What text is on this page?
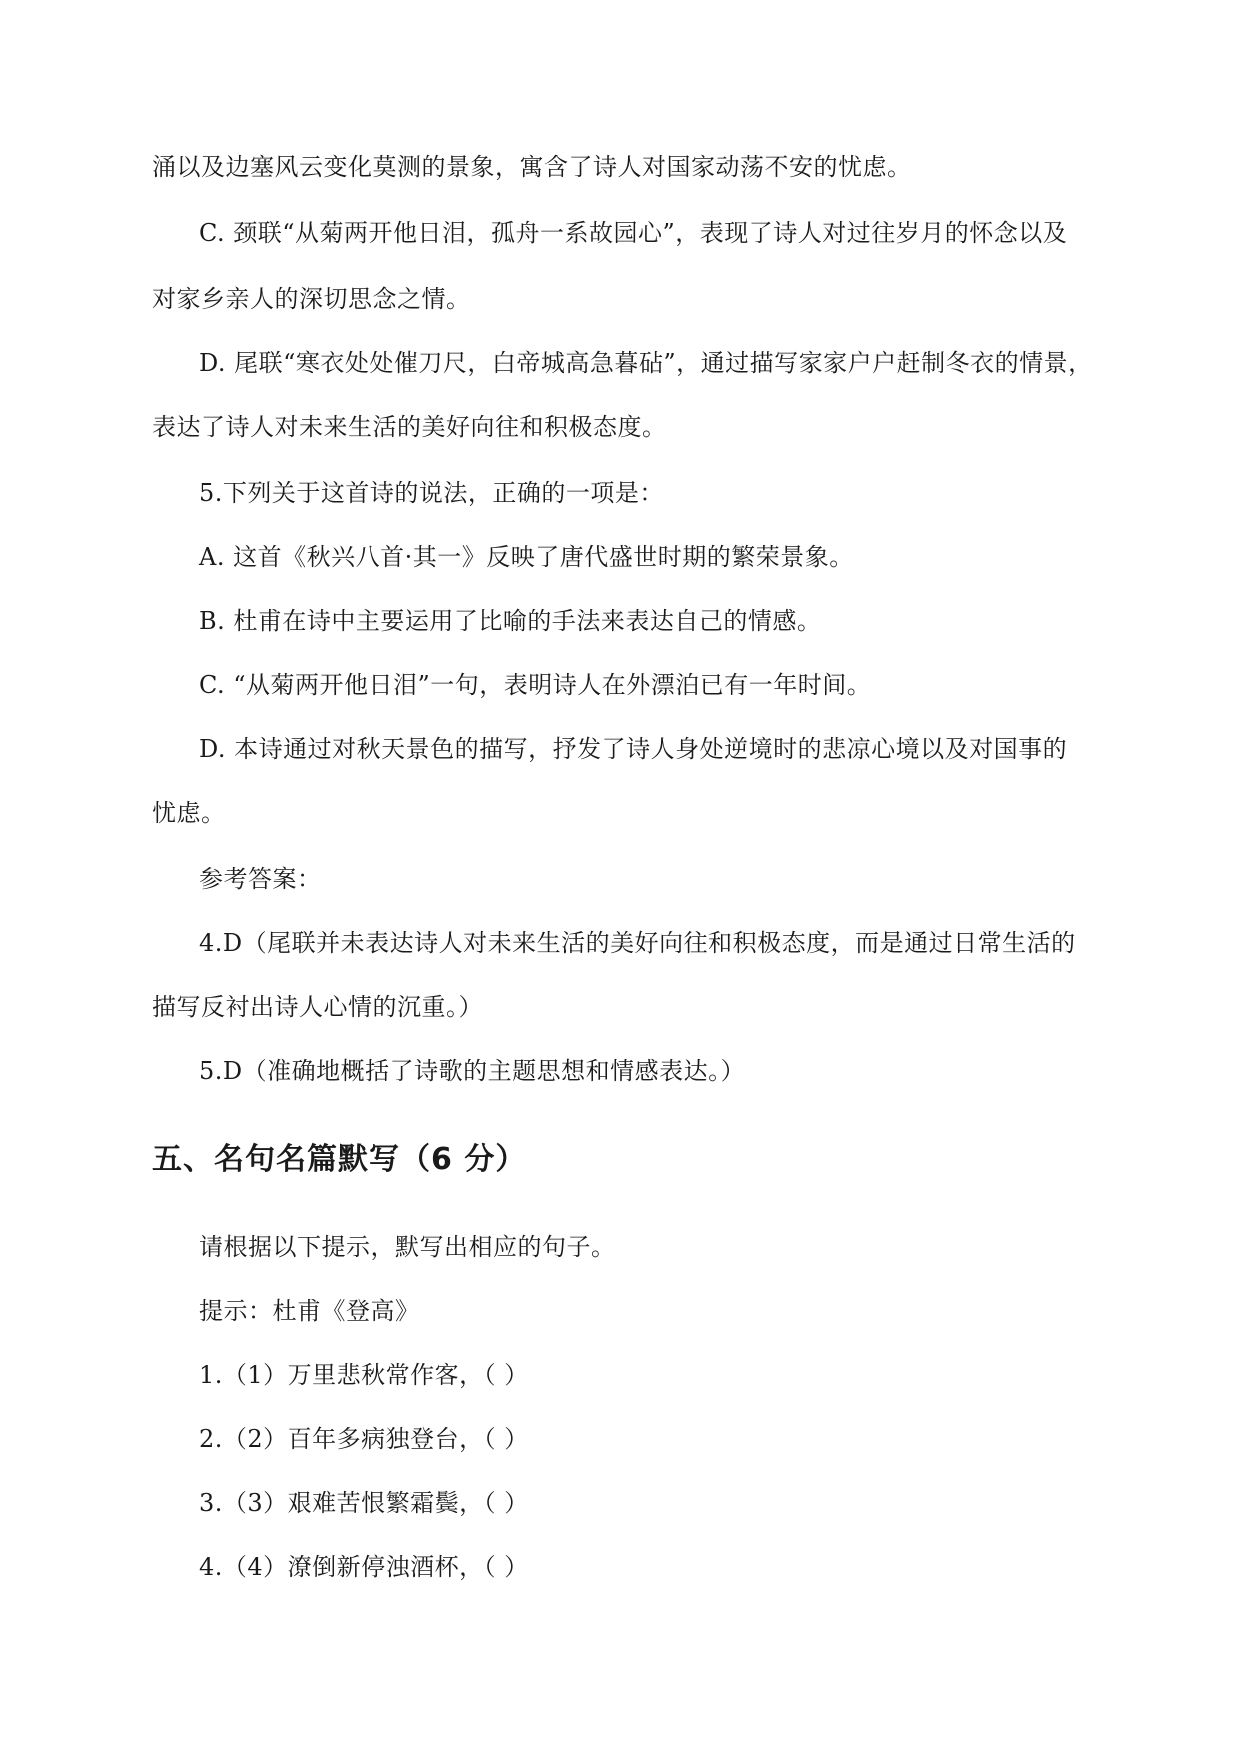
涌以及边塞风云变化莫测的景象，寓含了诗人对国家动荡不安的忧虑。
C. 颈联“从菊两开他日泪，孤舟一系故园心”，表现了诗人对过往岁月的怀念以及
对家乡亲人的深切思念之情。
D. 尾联“寒衣处处催刀尺，白帝城高急暮砧”，通过描写家家户户赶制冬衣的情景，
表达了诗人对未来生活的美好向往和积极态度。
5.下列关于这首诗的说法，正确的一项是：
A. 这首《秋兴八首·其一》反映了唐代盛世时期的繁荣景象。
B. 杜甫在诗中主要运用了比喻的手法来表达自己的情感。
C. “从菊两开他日泪”一句，表明诗人在外漂泊已有一年时间。
D. 本诗通过对秋天景色的描写，抒发了诗人身处逆境时的悲凉心境以及对国事的
忧虑。
参考答案：
4.D（尾联并未表达诗人对未来生活的美好向往和积极态度，而是通过日常生活的
描写反衬出诗人心情的沉重。）
5.D（准确地概括了诗歌的主题思想和情感表达。）
五、名句名篇默写（6 分）
请根据以下提示，默写出相应的句子。
提示：杜甫《登高》
1.（1）万里悲秋常作客，（ ）
2.（2）百年多病独登台，（ ）
3.（3）艰难苦恨繁霜鬓，（ ）
4.（4）潦倒新停浊酒杯，（ ）
